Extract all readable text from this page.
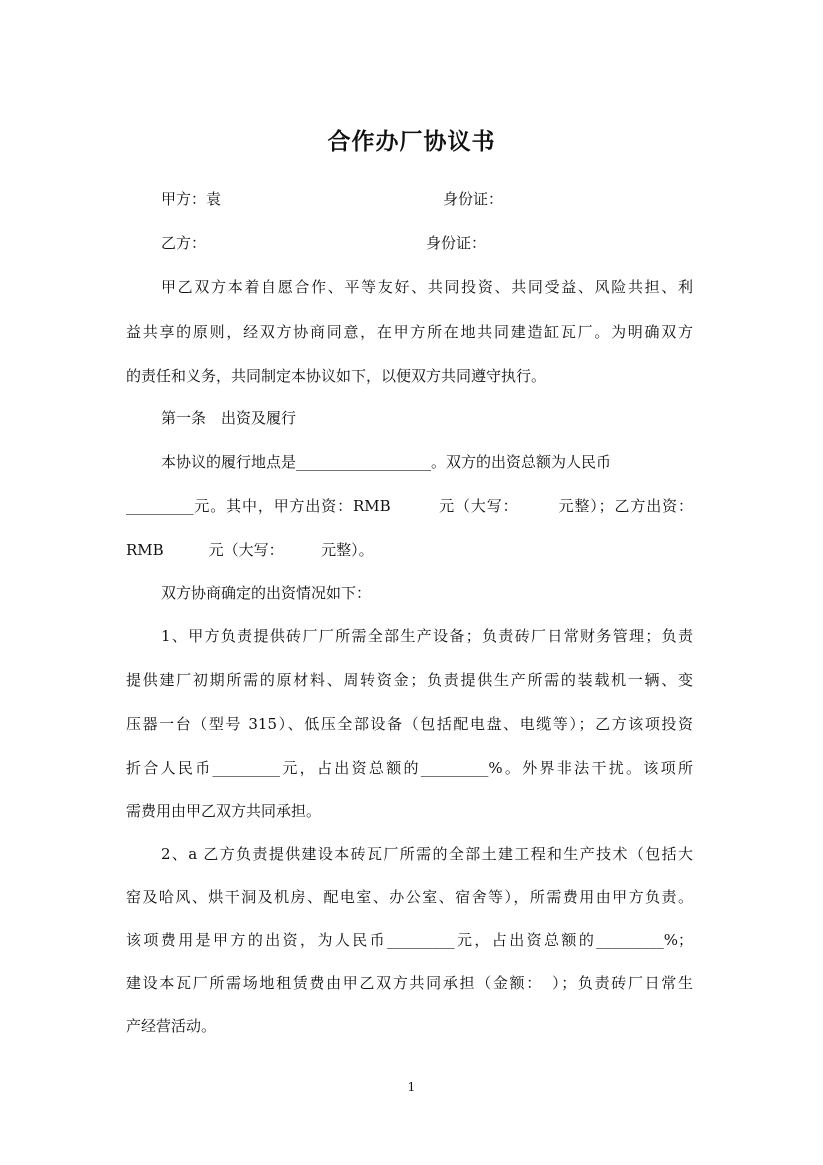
合作办厂协议书
甲方：袁	身份证：
乙方：	身份证：
甲乙双方本着自愿合作、平等友好、共同投资、共同受益、风险共担、利
益共享的原则，经双方协商同意，在甲方所在地共同建造缸瓦厂。为明确双方
的责任和义务，共同制定本协议如下，以便双方共同遵守执行。
第一条　出资及履行
本协议的履行地点是__________________。双方的出资总额为人民币
_________元。其中，甲方出资：RMB　　　元（大写：　　　元整）；乙方出资：
RMB　　　元（大写：　　　元整）。
双方协商确定的出资情况如下：
1、甲方负责提供砖厂厂所需全部生产设备；负责砖厂日常财务管理；负责
提供建厂初期所需的原材料、周转资金；负责提供生产所需的装载机一辆、变
压器一台（型号 315）、低压全部设备（包括配电盘、电缆等）；乙方该项投资
折合人民币_________元，占出资总额的_________%。外界非法干扰。该项所
需费用由甲乙双方共同承担。
2、a 乙方负责提供建设本砖瓦厂所需的全部土建工程和生产技术（包括大
窑及哈风、烘干洞及机房、配电室、办公室、宿舍等），所需费用由甲方负责。
该项费用是甲方的出资，为人民币_________元，占出资总额的_________%；
建设本瓦厂所需场地租赁费由甲乙双方共同承担（金额：　）；负责砖厂日常生
产经营活动。
1
